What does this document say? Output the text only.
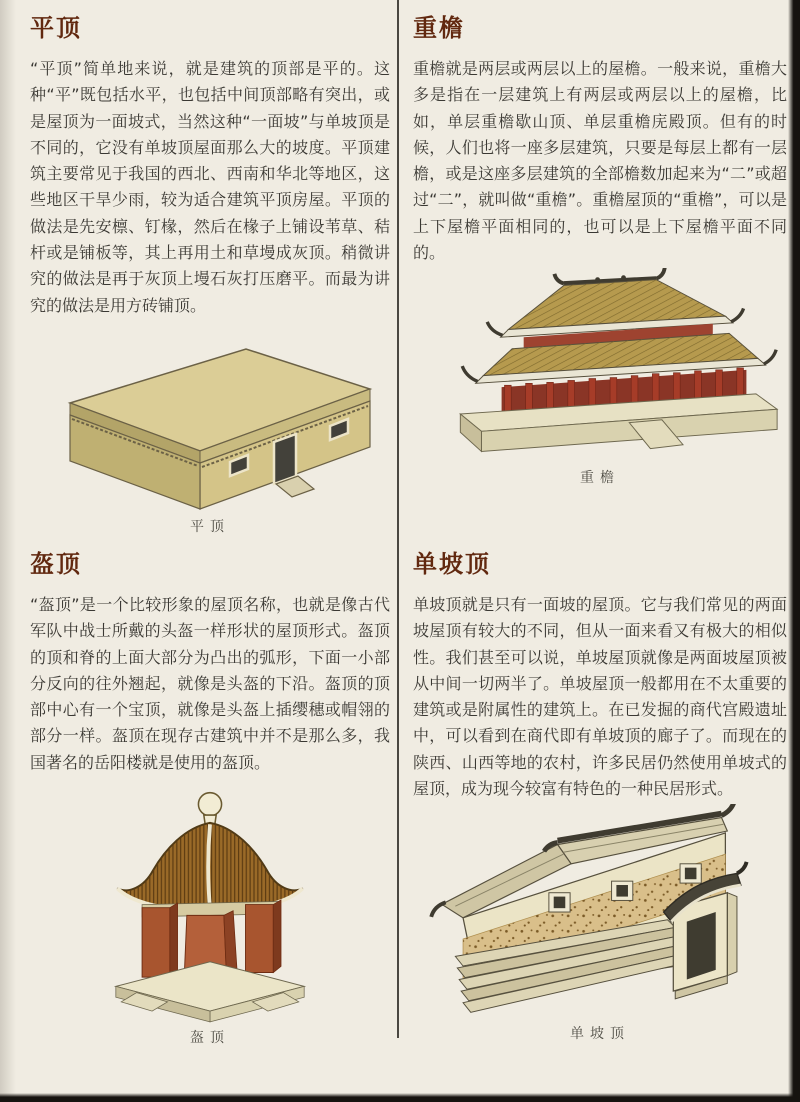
平顶

“平顶”简单地来说，就是建筑的顶部是平的。这种“平”既包括水平，也包括中间顶部略有突出，或是屋顶为一面坡式，当然这种“一面坡”与单坡顶是不同的，它没有单坡顶屋面那么大的坡度。平顶建筑主要常见于我国的西北、西南和华北等地区，这些地区干旱少雨，较为适合建筑平顶房屋。平顶的做法是先安檩、钉椽，然后在椽子上铺设苇草、秸杆或是铺板等，其上再用土和草墁成灰顶。稍微讲究的做法是再于灰顶上墁石灰打压磨平。而最为讲究的做法是用方砖铺顶。

平顶
重檐

重檐就是两层或两层以上的屋檐。一般来说，重檐大多是指在一层建筑上有两层或两层以上的屋檐，比如，单层重檐歇山顶、单层重檐庑殿顶。但有的时候，人们也将一座多层建筑，只要是每层上都有一层檐，或是这座多层建筑的全部檐数加起来为“二”或超过“二”，就叫做“重檐”。重檐屋顶的“重檐”，可以是上下屋檐平面相同的，也可以是上下屋檐平面不同的。

重檐
盔顶

“盔顶”是一个比较形象的屋顶名称，也就是像古代军队中战士所戴的头盔一样形状的屋顶形式。盔顶的顶和脊的上面大部分为凸出的弧形，下面一小部分反向的往外翘起，就像是头盔的下沿。盔顶的顶部中心有一个宝顶，就像是头盔上插缨穗或帽翎的部分一样。盔顶在现存古建筑中并不是那么多，我国著名的岳阳楼就是使用的盔顶。

盔顶
单坡顶

单坡顶就是只有一面坡的屋顶。它与我们常见的两面坡屋顶有较大的不同，但从一面来看又有极大的相似性。我们甚至可以说，单坡屋顶就像是两面坡屋顶被从中间一切两半了。单坡屋顶一般都用在不太重要的建筑或是附属性的建筑上。在已发掘的商代宫殿遗址中，可以看到在商代即有单坡顶的廊子了。而现在的陕西、山西等地的农村，许多民居仍然使用单坡式的屋顶，成为现今较富有特色的一种民居形式。

单坡顶
